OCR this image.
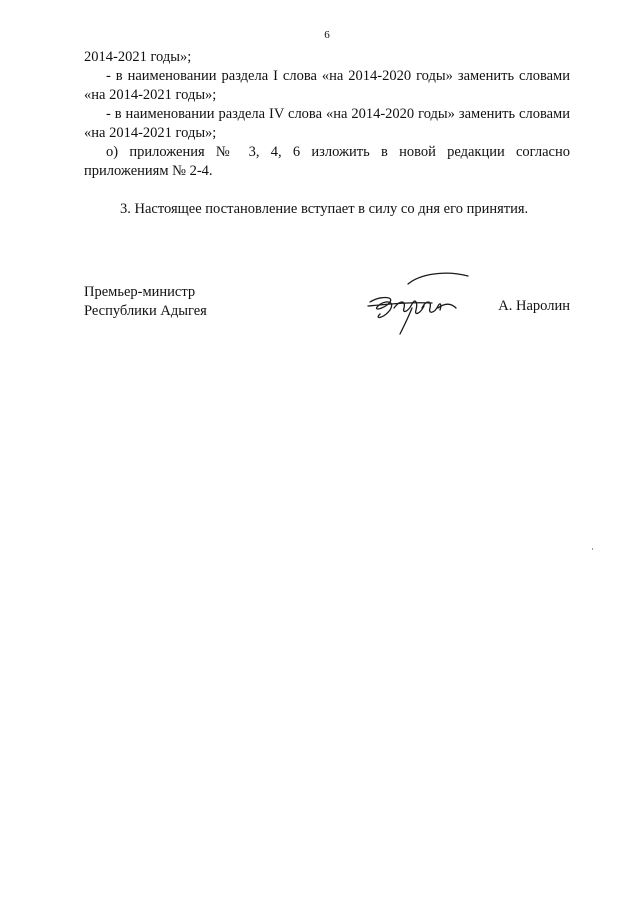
6

2014-2021 годы»;

- в наименовании раздела I слова «на 2014-2020 годы» заменить словами «на 2014-2021 годы»;

- в наименовании раздела IV слова «на 2014-2020 годы» заменить словами «на 2014-2021 годы»;

о) приложения № 3, 4, 6 изложить в новой редакции согласно приложениям № 2-4.

3. Настоящее постановление вступает в силу со дня его принятия.

Премьер-министр
Республики Адыгея	А. Наролин
